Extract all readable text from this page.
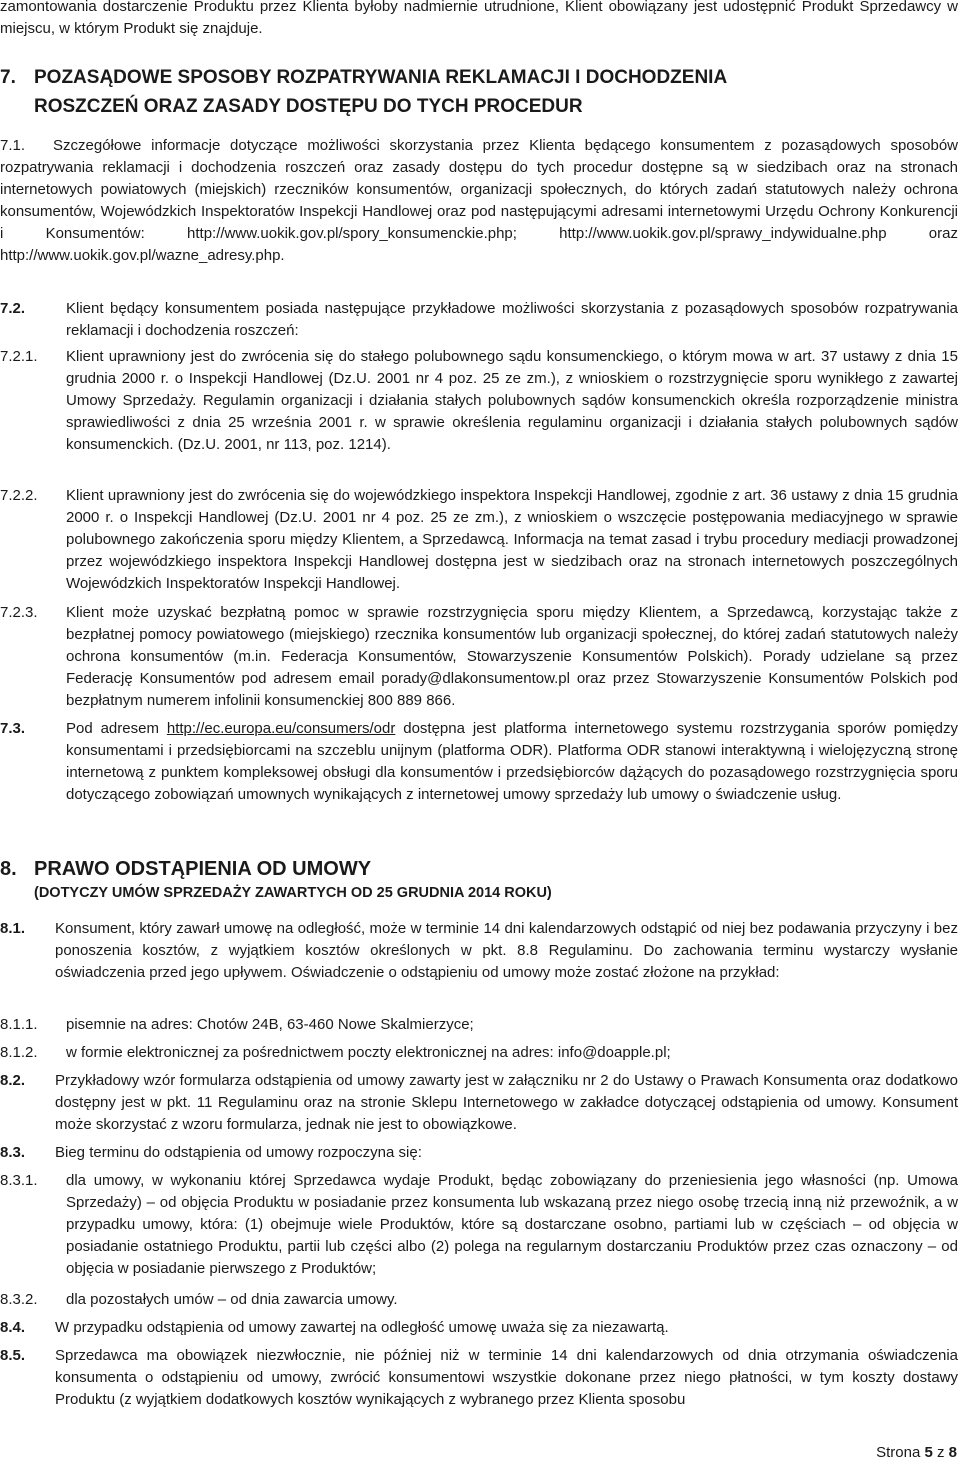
zamontowania dostarczenie Produktu przez Klienta byłoby nadmiernie utrudnione, Klient obowiązany jest udostępnić Produkt Sprzedawcy w miejscu, w którym Produkt się znajduje.

7. POZASĄDOWE SPOSOBY ROZPATRYWANIA REKLAMACJI I DOCHODZENIA
ROSZCZEŃ ORAZ ZASADY DOSTĘPU DO TYCH PROCEDUR
7.1.	Szczegółowe informacje dotyczące możliwości skorzystania przez Klienta będącego konsumentem z pozasądowych sposobów rozpatrywania reklamacji i dochodzenia roszczeń oraz zasady dostępu do tych procedur dostępne są w siedzibach oraz na stronach internetowych powiatowych (miejskich) rzeczników konsumentów, organizacji społecznych, do których zadań statutowych należy ochrona konsumentów, Wojewódzkich Inspektoratów Inspekcji Handlowej oraz pod następującymi adresami internetowymi Urzędu Ochrony Konkurencji i Konsumentów: http://www.uokik.gov.pl/spory_konsumenckie.php; http://www.uokik.gov.pl/sprawy_indywidualne.php oraz http://www.uokik.gov.pl/wazne_adresy.php.

7.2.	Klient będący konsumentem posiada następujące przykładowe możliwości skorzystania z pozasądowych sposobów rozpatrywania reklamacji i dochodzenia roszczeń:

7.2.1. Klient uprawniony jest do zwrócenia się do stałego polubownego sądu konsumenckiego, o którym mowa w art. 37 ustawy z dnia 15 grudnia 2000 r. o Inspekcji Handlowej (Dz.U. 2001 nr 4 poz. 25 ze zm.), z wnioskiem o rozstrzygnięcie sporu wynikłego z zawartej Umowy Sprzedaży. Regulamin organizacji i działania stałych polubownych sądów konsumenckich określa rozporządzenie ministra sprawiedliwości z dnia 25 września 2001 r. w sprawie określenia regulaminu organizacji i działania stałych polubownych sądów konsumenckich. (Dz.U. 2001, nr 113, poz. 1214).

7.2.2. Klient uprawniony jest do zwrócenia się do wojewódzkiego inspektora Inspekcji Handlowej, zgodnie z art. 36 ustawy z dnia 15 grudnia 2000 r. o Inspekcji Handlowej (Dz.U. 2001 nr 4 poz. 25 ze zm.), z wnioskiem o wszczęcie postępowania mediacyjnego w sprawie polubownego zakończenia sporu między Klientem, a Sprzedawcą. Informacja na temat zasad i trybu procedury mediacji prowadzonej przez wojewódzkiego inspektora Inspekcji Handlowej dostępna jest w siedzibach oraz na stronach internetowych poszczególnych Wojewódzkich Inspektoratów Inspekcji Handlowej.

7.2.3. Klient może uzyskać bezpłatną pomoc w sprawie rozstrzygnięcia sporu między Klientem, a Sprzedawcą, korzystając także z bezpłatnej pomocy powiatowego (miejskiego) rzecznika konsumentów lub organizacji społecznej, do której zadań statutowych należy ochrona konsumentów (m.in. Federacja Konsumentów, Stowarzyszenie Konsumentów Polskich). Porady udzielane są przez Federację Konsumentów pod adresem email porady@dlakonsumentow.pl oraz przez Stowarzyszenie Konsumentów Polskich pod bezpłatnym numerem infolinii konsumenckiej 800 889 866.

7.3.	Pod adresem http://ec.europa.eu/consumers/odr dostępna jest platforma internetowego systemu rozstrzygania sporów pomiędzy konsumentami i przedsiębiorcami na szczeblu unijnym (platforma ODR). Platforma ODR stanowi interaktywną i wielojęzyczną stronę internetową z punktem kompleksowej obsługi dla konsumentów i przedsiębiorców dążących do pozasądowego rozstrzygnięcia sporu dotyczącego zobowiązań umownych wynikających z internetowej umowy sprzedaży lub umowy o świadczenie usług.

8. PRAWO ODSTĄPIENIA OD UMOWY
(DOTYCZY UMÓW SPRZEDAŻY ZAWARTYCH OD 25 GRUDNIA 2014 ROKU)
8.1. Konsument, który zawarł umowę na odległość, może w terminie 14 dni kalendarzowych odstąpić od niej bez podawania przyczyny i bez ponoszenia kosztów, z wyjątkiem kosztów określonych w pkt. 8.8 Regulaminu. Do zachowania terminu wystarczy wysłanie oświadczenia przed jego upływem. Oświadczenie o odstąpieniu od umowy może zostać złożone na przykład:

8.1.1. pisemnie na adres: Chotów 24B, 63-460 Nowe Skalmierzyce;

8.1.2. w formie elektronicznej za pośrednictwem poczty elektronicznej na adres: info@doapple.pl;

8.2. Przykładowy wzór formularza odstąpienia od umowy zawarty jest w załączniku nr 2 do Ustawy o Prawach Konsumenta oraz dodatkowo dostępny jest w pkt. 11 Regulaminu oraz na stronie Sklepu Internetowego w zakładce dotyczącej odstąpienia od umowy. Konsument może skorzystać z wzoru formularza, jednak nie jest to obowiązkowe.

8.3. Bieg terminu do odstąpienia od umowy rozpoczyna się:

8.3.1. dla umowy, w wykonaniu której Sprzedawca wydaje Produkt, będąc zobowiązany do przeniesienia jego własności (np. Umowa Sprzedaży) – od objęcia Produktu w posiadanie przez konsumenta lub wskazaną przez niego osobę trzecią inną niż przewoźnik, a w przypadku umowy, która: (1) obejmuje wiele Produktów, które są dostarczane osobno, partiami lub w częściach – od objęcia w posiadanie ostatniego Produktu, partii lub części albo (2) polega na regularnym dostarczaniu Produktów przez czas oznaczony – od objęcia w posiadanie pierwszego z Produktów;

8.3.2. dla pozostałych umów – od dnia zawarcia umowy.

8.4. W przypadku odstąpienia od umowy zawartej na odległość umowę uważa się za niezawartą.

8.5. Sprzedawca ma obowiązek niezwłocznie, nie później niż w terminie 14 dni kalendarzowych od dnia otrzymania oświadczenia konsumenta o odstąpieniu od umowy, zwrócić konsumentowi wszystkie dokonane przez niego płatności, w tym koszty dostawy Produktu (z wyjątkiem dodatkowych kosztów wynikających z wybranego przez Klienta sposobu

Strona 5 z 8
